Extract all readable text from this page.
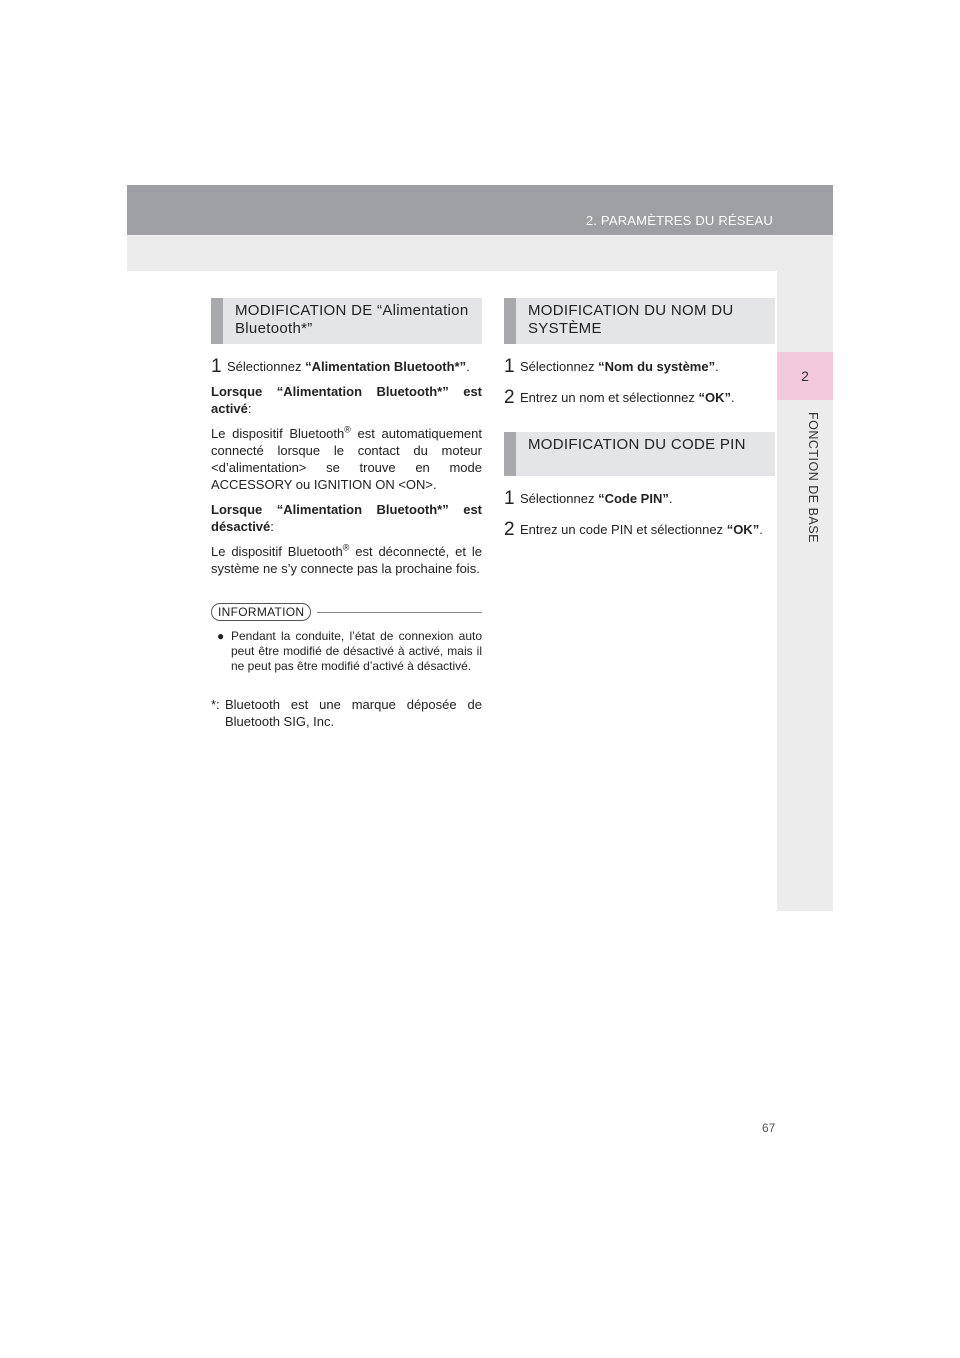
2. PARAMÈTRES DU RÉSEAU
2
FONCTION DE BASE
MODIFICATION DE “Alimentation Bluetooth*”
1 Sélectionnez “Alimentation Bluetooth*”.
Lorsque “Alimentation Bluetooth*” est activé:
Le dispositif Bluetooth® est automatiquement connecté lorsque le contact du moteur <d’alimentation> se trouve en mode ACCESSORY ou IGNITION ON <ON>.
Lorsque “Alimentation Bluetooth*” est désactivé:
Le dispositif Bluetooth® est déconnecté, et le système ne s’y connecte pas la prochaine fois.
INFORMATION
● Pendant la conduite, l’état de connexion auto peut être modifié de désactivé à activé, mais il ne peut pas être modifié d’activé à désactivé.
*: Bluetooth est une marque déposée de Bluetooth SIG, Inc.
MODIFICATION DU NOM DU SYSTÈME
1 Sélectionnez “Nom du système”.
2 Entrez un nom et sélectionnez “OK”.
MODIFICATION DU CODE PIN
1 Sélectionnez “Code PIN”.
2 Entrez un code PIN et sélectionnez “OK”.
67
